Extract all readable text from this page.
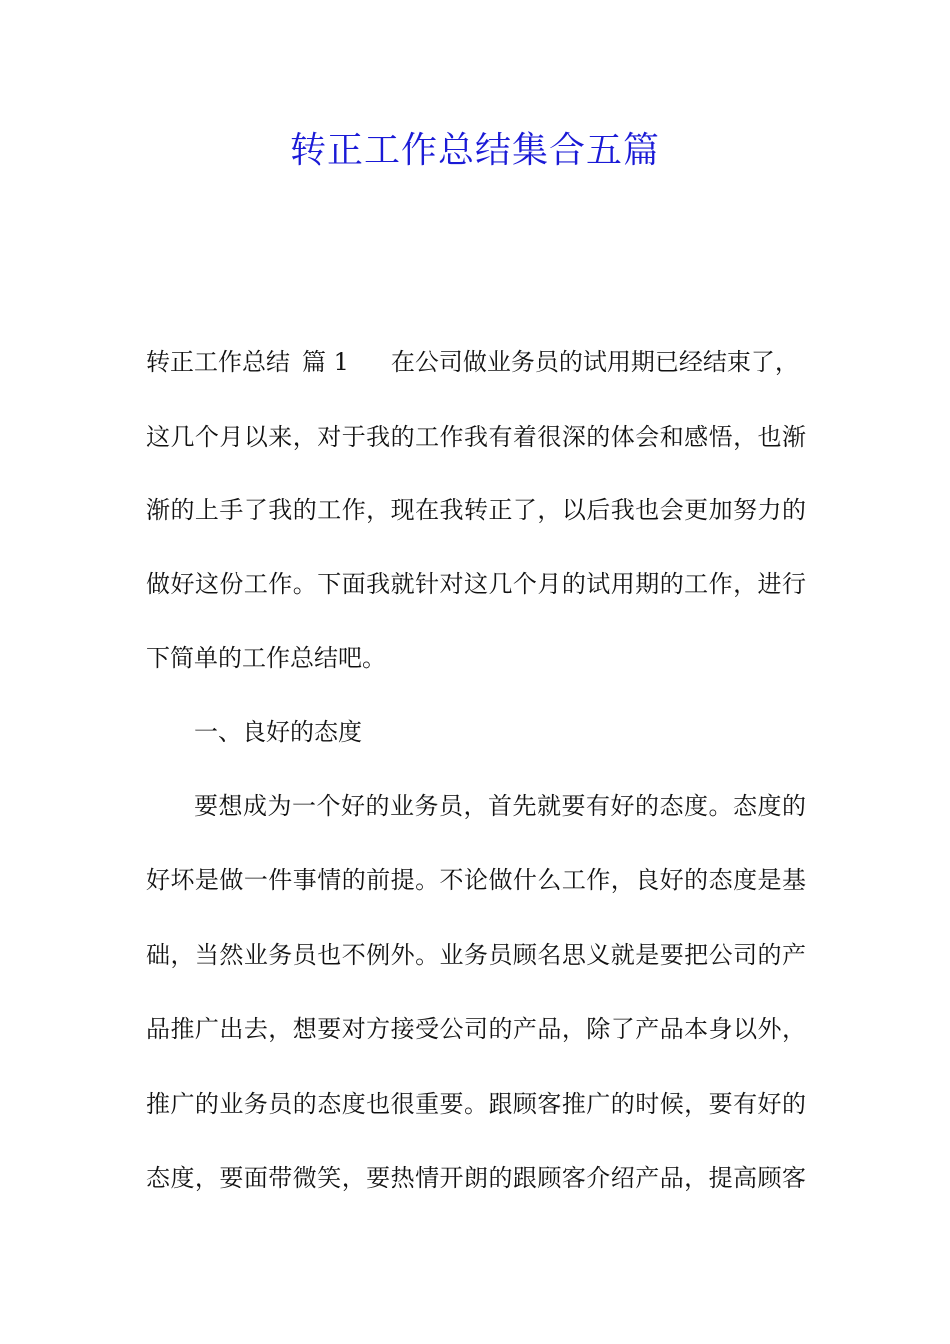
转正工作总结集合五篇
转正工作总结 篇 1 在公司做业务员的试用期已经结束了，
这几个月以来，对于我的工作我有着很深的体会和感悟，也渐
渐的上手了我的工作，现在我转正了，以后我也会更加努力的
做好这份工作。下面我就针对这几个月的试用期的工作，进行
下简单的工作总结吧。
一、良好的态度
要想成为一个好的业务员，首先就要有好的态度。态度的
好坏是做一件事情的前提。不论做什么工作，良好的态度是基
础，当然业务员也不例外。业务员顾名思义就是要把公司的产
品推广出去，想要对方接受公司的产品，除了产品本身以外，
推广的业务员的态度也很重要。跟顾客推广的时候，要有好的
态度，要面带微笑，要热情开朗的跟顾客介绍产品，提高顾客
